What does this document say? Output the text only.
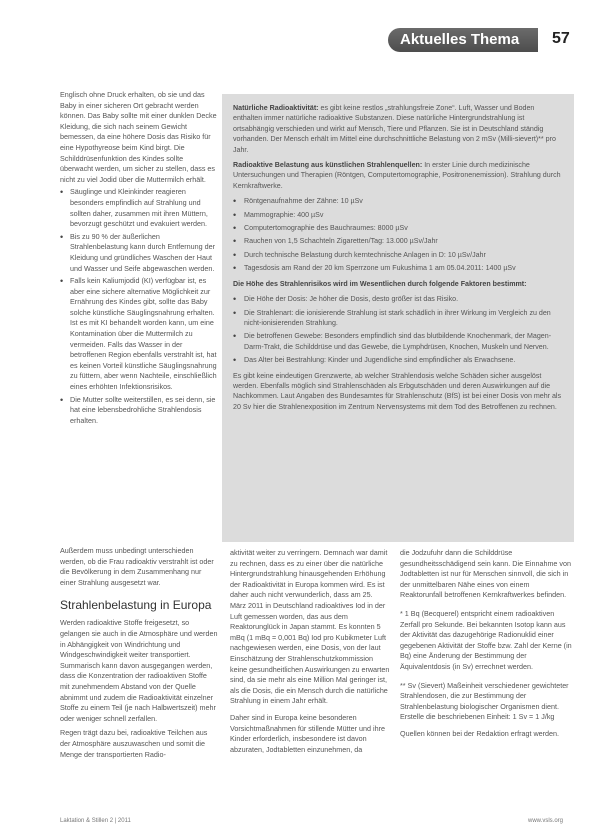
Aktuelles Thema	57

Englisch ohne Druck erhalten, ob sie und das Baby in einer sicheren Ort gebracht werden können. Das Baby sollte mit einer dunklen Decke Kleidung, die sich nach seinem Gewicht bemessen, da eine höhere Dosis das Risiko für eine Hypothyreose beim Kind birgt. Die Schilddrüsenfunktion des Kindes sollte überwacht werden, um sicher zu stellen, dass es nicht zu viel Jodid über die Muttermilch erhält.

• Säuglinge und Kleinkinder reagieren besonders empfindlich auf Strahlung und sollten daher, zusammen mit ihren Müttern, bevorzugt geschützt und evakuiert werden.
• Bis zu 90 % der äußerlichen Strahlenbelastung kann durch Entfernung der Kleidung und gründliches Waschen der Haut und Wasser und Seife abgewaschen werden.
• Falls kein Kaliumjodid (KI) verfügbar ist, es aber eine sichere alternative Möglichkeit zur Ernährung des Kindes gibt, sollte das Baby solche künstliche Säuglingsnahrung erhalten. Ist es mit KI behandelt worden kann, um eine Kontamination über die Muttermilch zu vermeiden. Falls das Wasser in der betroffenen Region ebenfalls verstrahlt ist, hat es keinen Vorteil künstliche Säuglingsnahrung zu füttern, aber wenn Nachteile, einschließlich eines erhöhten Infektionsrisikos.
• Die Mutter sollte weiterstillen, es sei denn, sie hat eine lebensbedrohliche Strahlendosis erhalten.

Natürliche Radioaktivität: es gibt keine restlos „strahlungsfreie Zone“. Luft, Wasser und Boden enthalten immer natürliche radioaktive Substanzen. Diese natürliche Hintergrundstrahlung ist ortsabhängig verschieden und wirkt auf Mensch, Tiere und Pflanzen. Sie ist in Deutschland ständig vorhanden. Der Mensch erhält im Mittel eine durchschnittliche Belastung von 2 mSv (Milli-sievert)** pro Jahr.

Radioaktive Belastung aus künstlichen Strahlenquellen: In erster Linie durch medizinische Untersuchungen und Therapien (Röntgen, Computertomographie, Positronenemission). Strahlung durch Kernkraftwerke.

• Röntgenaufnahme der Zähne: 10 µSv
• Mammographie: 400 µSv
• Computertomographie des Bauchraumes: 8000 µSv
• Rauchen von 1,5 Schachteln Zigaretten/Tag: 13.000 µSv/Jahr
• Durch technische Belastung durch kerntechnische Anlagen in D: 10 µSv/Jahr
• Tagesdosis am Rand der 20 km Sperrzone um Fukushima 1 am 05.04.2011: 1400 µSv

Die Höhe des Strahlenrisikos wird im Wesentlichen durch folgende Faktoren bestimmt:

• Die Höhe der Dosis: Je höher die Dosis, desto größer ist das Risiko.
• Die Strahlenart: die ionisierende Strahlung ist stark schädlich in ihrer Wirkung im Vergleich zu den nicht-ionisierenden Strahlung.
• Die betroffenen Gewebe: Besonders empfindlich sind das blutbildende Knochenmark, der Magen-Darm-Trakt, die Schilddrüse und das Gewebe, die Lymphdrüsen, Knochen, Muskeln und Nerven.
• Das Alter bei Bestrahlung: Kinder und Jugendliche sind empfindlicher als Erwachsene.

Es gibt keine eindeutigen Grenzwerte, ab welcher Strahlendosis welche Schäden sicher ausgelöst werden. Ebenfalls möglich sind Strahlenschäden als Erbgutschäden und deren Auswirkungen auf die Nachkommen. Laut Angaben des Bundesamtes für Strahlenschutz (BfS) ist bei einer Dosis von mehr als 20 Sv hier die Strahlenexposition im Zentrum Nervensystems mit dem Tod des Betroffenen zu rechnen.

Außerdem muss unbedingt unterschieden werden, ob die Frau radioaktiv verstrahlt ist oder die Bevölkerung in dem Zusammenhang nur einer Strahlung ausgesetzt war.

Strahlenbelastung in Europa

Werden radioaktive Stoffe freigesetzt, so gelangen sie auch in die Atmosphäre und werden in Abhängigkeit von Windrichtung und Windgeschwindigkeit weiter transportiert. Summarisch kann davon ausgegangen werden, dass die Konzentration der radioaktiven Stoffe mit zunehmendem Abstand von der Quelle abnimmt und zudem die Radioaktivität einzelner Stoffe zu einem Teil (je nach Halbwertszeit) mehr oder weniger schnell zerfallen.

Regen trägt dazu bei, radioaktive Teilchen aus der Atmosphäre auszuwaschen und somit die Menge der transportierten Radio-

aktivität weiter zu verringern. Demnach war damit zu rechnen, dass es zu einer über die natürliche Hintergrundstrahlung hinausgehenden Erhöhung der Radioaktivität in Europa kommen wird. Es ist daher auch nicht verwunderlich, dass am 25. März 2011 in Deutschland radioaktives Iod in der Luft gemessen worden, das aus dem Reaktorunglück in Japan stammt. Es konnten 5 mBq (1 mBq = 0,001 Bq) Iod pro Kubikmeter Luft nachgewiesen werden, eine Dosis, von der laut Einschätzung der Strahlenschutzkommission keine gesundheitlichen Auswirkungen zu erwarten sind, da sie mehr als eine Million Mal geringer ist, als die Dosis, die ein Mensch durch die natürliche Strahlung in einem Jahr erhält.

Daher sind in Europa keine besonderen Vorsichtmaßnahmen für stillende Mütter und ihre Kinder erforderlich, insbesondere ist davon abzuraten, Jodtabletten einzunehmen, da

die Jodzufuhr dann die Schilddrüse gesundheitsschädigend sein kann. Die Einnahme von Jodtabletten ist nur für Menschen sinnvoll, die sich in der unmittelbaren Nähe eines von einem Reaktorunfall betroffenen Kernkraftwerkes befinden.

* 1 Bq (Becquerel) entspricht einem radioaktiven Zerfall pro Sekunde. Bei bekannten Isotop kann aus der Aktivität das dazugehörige Radionuklid einer gegebenen Aktivität der Stoffe bzw. Zahl der Kerne (in Bq) eine Änderung der Bestimmung der Äquivalentdosis (in Sv) errechnet werden.

** Sv (Sievert) Maßeinheit verschiedener gewichteter Strahlendosen, die zur Bestimmung der Strahlenbelastung biologischer Organismen dient. Erstelle die beschriebenen Einheit: 1 Sv = 1 J/kg

Quellen können bei der Redaktion erfragt werden.

Laktation & Stillen 2 | 2011	www.vsls.org
